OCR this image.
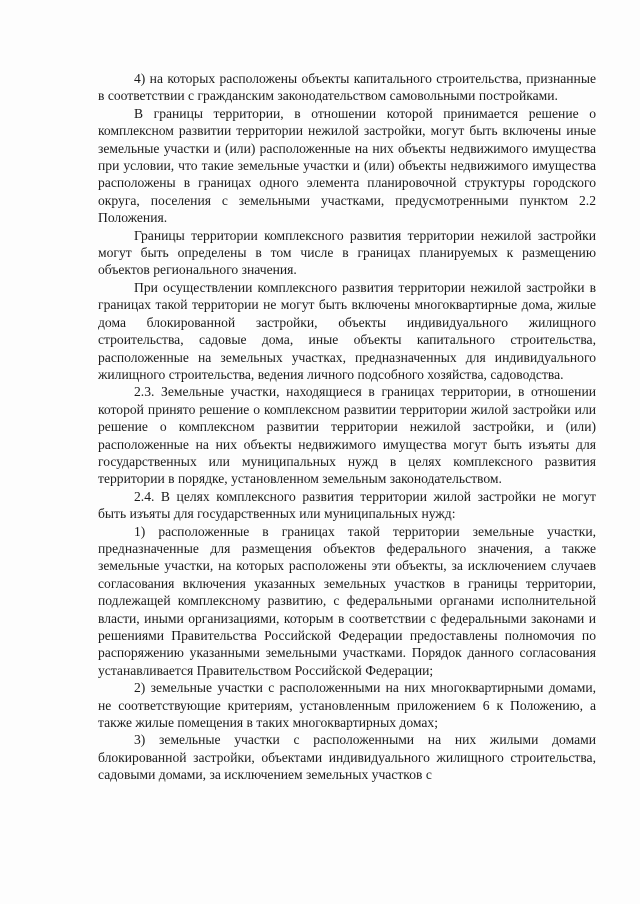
4) на которых расположены объекты капитального строительства, признанные в соответствии с гражданским законодательством самовольными постройками.

В границы территории, в отношении которой принимается решение о комплексном развитии территории нежилой застройки, могут быть включены иные земельные участки и (или) расположенные на них объекты недвижимого имущества при условии, что такие земельные участки и (или) объекты недвижимого имущества расположены в границах одного элемента планировочной структуры городского округа, поселения с земельными участками, предусмотренными пунктом 2.2 Положения.

Границы территории комплексного развития территории нежилой застройки могут быть определены в том числе в границах планируемых к размещению объектов регионального значения.

При осуществлении комплексного развития территории нежилой застройки в границах такой территории не могут быть включены многоквартирные дома, жилые дома блокированной застройки, объекты индивидуального жилищного строительства, садовые дома, иные объекты капитального строительства, расположенные на земельных участках, предназначенных для индивидуального жилищного строительства, ведения личного подсобного хозяйства, садоводства.

2.3. Земельные участки, находящиеся в границах территории, в отношении которой принято решение о комплексном развитии территории жилой застройки или решение о комплексном развитии территории нежилой застройки, и (или) расположенные на них объекты недвижимого имущества могут быть изъяты для государственных или муниципальных нужд в целях комплексного развития территории в порядке, установленном земельным законодательством.

2.4. В целях комплексного развития территории жилой застройки не могут быть изъяты для государственных или муниципальных нужд:

1) расположенные в границах такой территории земельные участки, предназначенные для размещения объектов федерального значения, а также земельные участки, на которых расположены эти объекты, за исключением случаев согласования включения указанных земельных участков в границы территории, подлежащей комплексному развитию, с федеральными органами исполнительной власти, иными организациями, которым в соответствии с федеральными законами и решениями Правительства Российской Федерации предоставлены полномочия по распоряжению указанными земельными участками. Порядок данного согласования устанавливается Правительством Российской Федерации;

2) земельные участки с расположенными на них многоквартирными домами, не соответствующие критериям, установленным приложением 6 к Положению, а также жилые помещения в таких многоквартирных домах;

3) земельные участки с расположенными на них жилыми домами блокированной застройки, объектами индивидуального жилищного строительства, садовыми домами, за исключением земельных участков с
